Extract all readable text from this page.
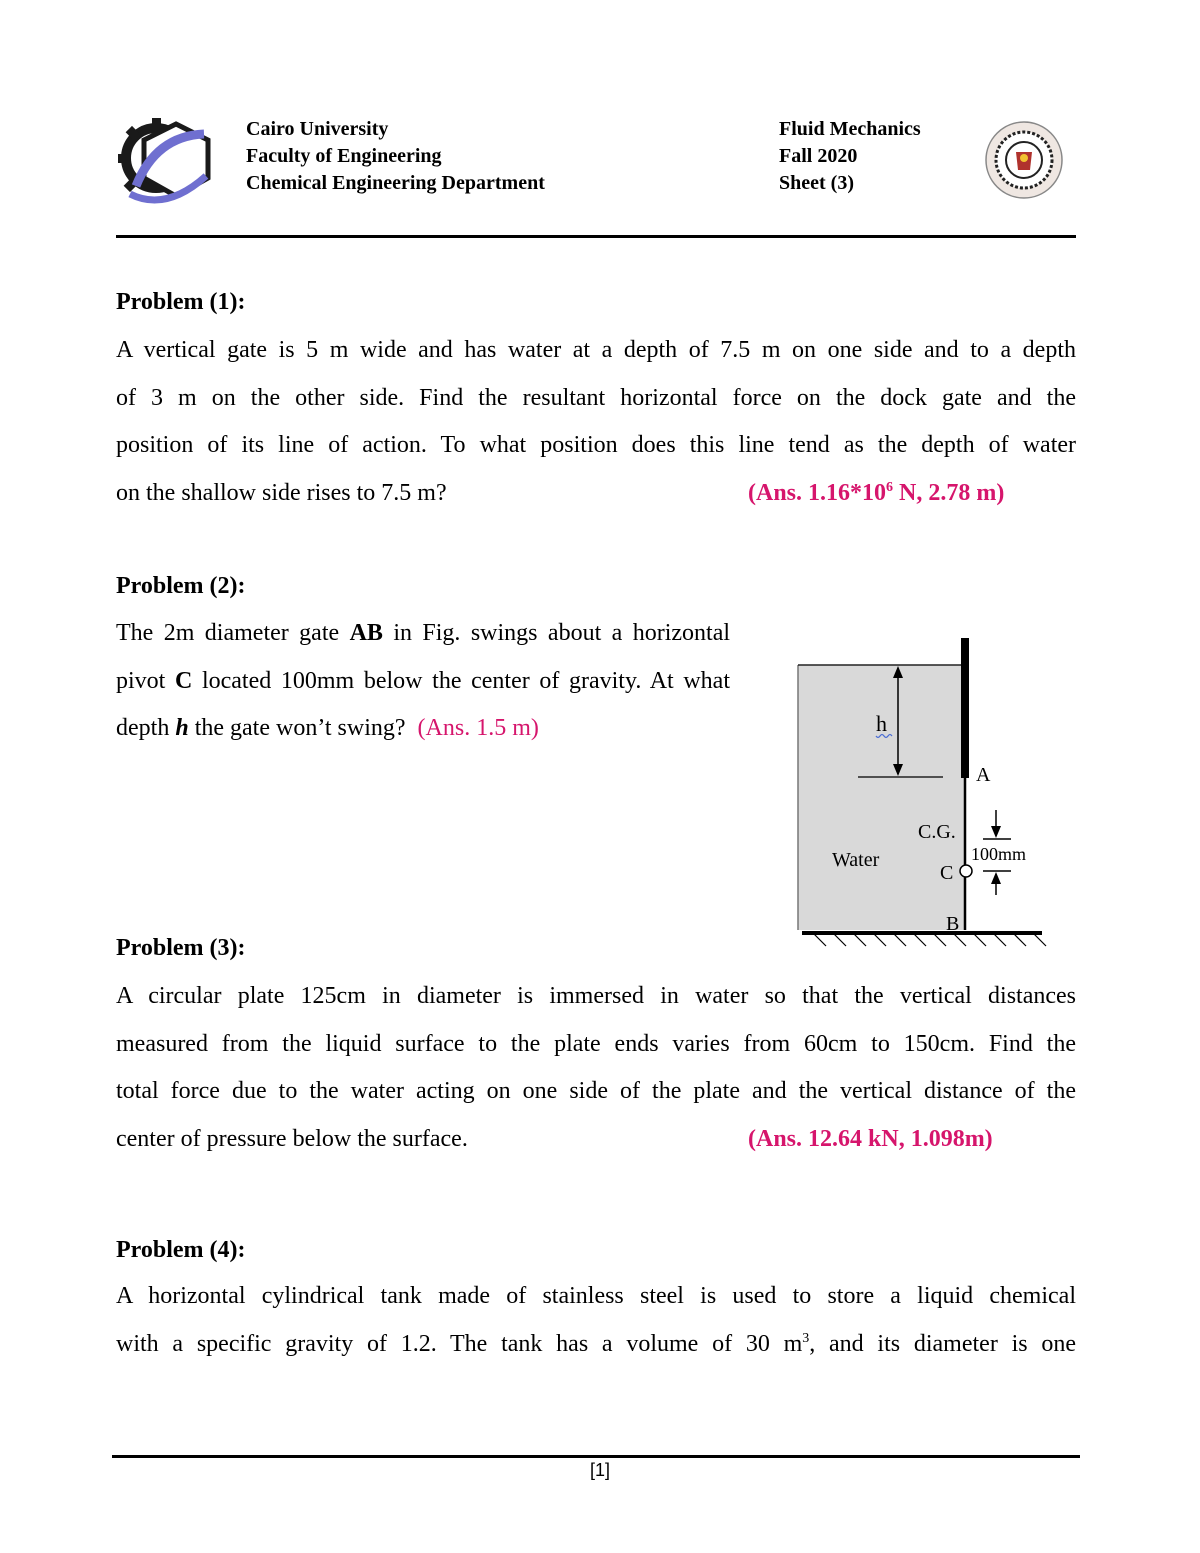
Cairo University
Faculty of Engineering
Chemical Engineering Department
Fluid Mechanics
Fall 2020
Sheet (3)
Problem (1):
A vertical gate is 5 m wide and has water at a depth of 7.5 m on one side and to a depth
of 3 m on the other side. Find the resultant horizontal force on the dock gate and the
position of its line of action. To what position does this line tend as the depth of water
on the shallow side rises to 7.5 m?	(Ans. $1.16*10^6$ N, 2.78 m)
Problem (2):
The 2m diameter gate AB in Fig. swings about a horizontal pivot C located 100mm below the center of gravity. At what depth h the gate won’t swing? (Ans. 1.5 m)	h
A
C.G.
Water
C
100mm
B
Problem (3):
A circular plate 125cm in diameter is immersed in water so that the vertical distances
measured from the liquid surface to the plate ends varies from 60cm to 150cm. Find the
total force due to the water acting on one side of the plate and the vertical distance of the
center of pressure below the surface.	(Ans. 12.64 kN, 1.098m)
Problem (4):
A horizontal cylindrical tank made of stainless steel is used to store a liquid chemical
with a specific gravity of 1.2. The tank has a volume of 30 $m^3$, and its diameter is one
[1]
